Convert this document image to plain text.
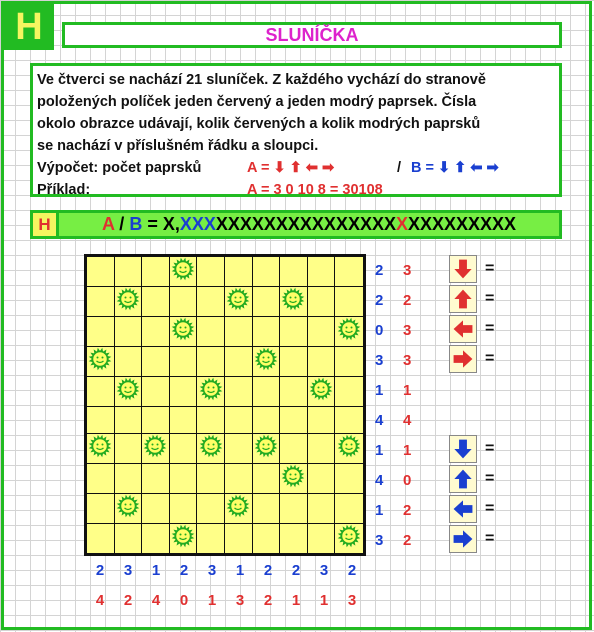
H	SLUNÍČKA
Ve čtverci se nachází 21 sluníček. Z každého vychází do stranově
položených políček jeden červený a jeden modrý paprsek. Čísla
okolo obrazce udávají, kolik červených a kolik modrých paprsků
se nachází v příslušném řádku a sloupci.
Výpočet: počet paprsků	A = ⬇ ⬆ ⬅ ➡	/ B = ⬇ ⬆ ⬅ ➡
Příklad:	A = 3 0 10 8 = 30108
H	A / B = X,XXXXXXXXXXXXXXXXXXXXXXXXXXXX
2 3
2 2
0 3
3 3
1 1
4 4
1 1
4 0
1 2
3 2
2	3	1	2	3	1	2	2	3	2
4	2	4	0	1	3	2	1	1	3
=
=
=
=
=
=
=
=
